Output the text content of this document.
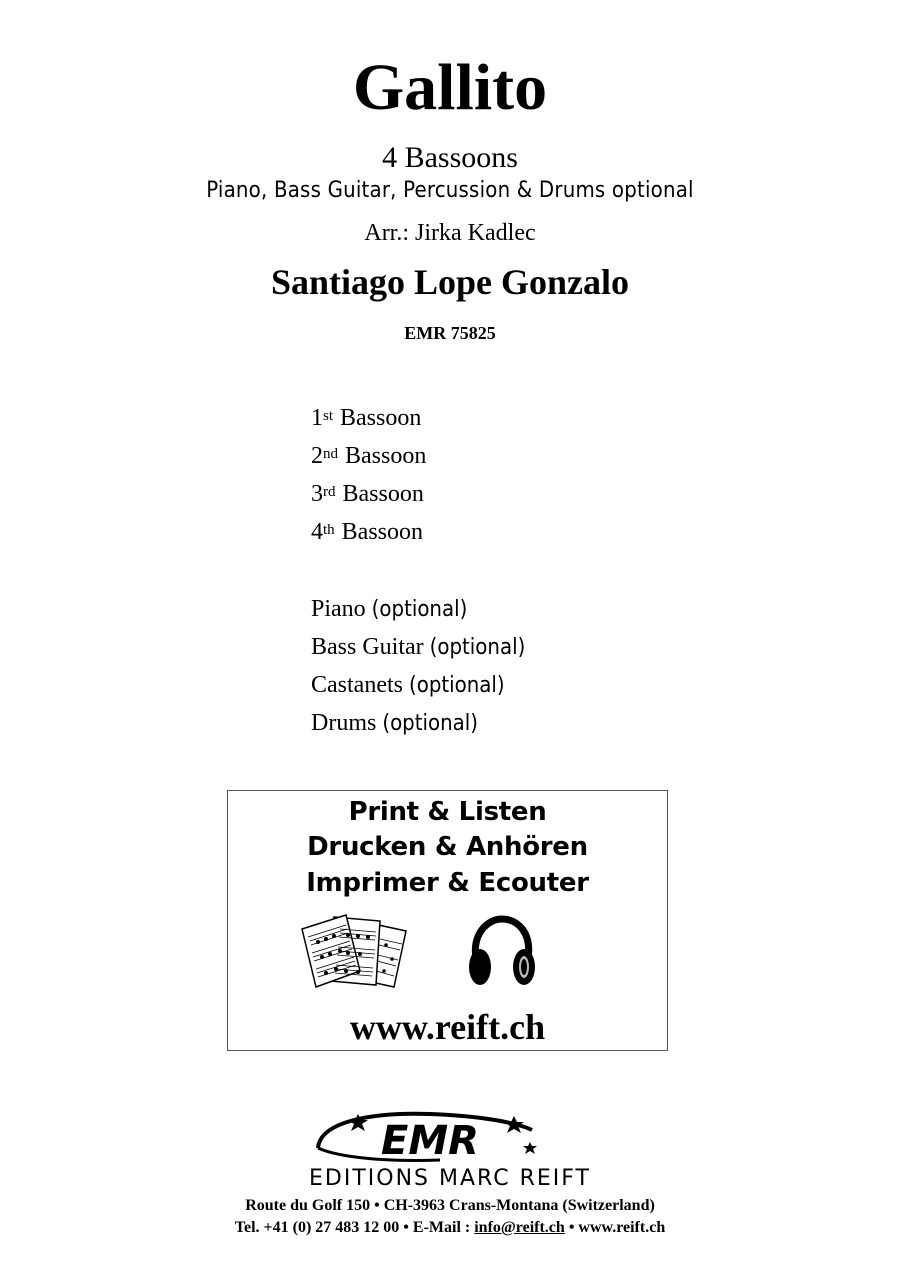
Gallito
4 Bassoons
Piano, Bass Guitar, Percussion & Drums optional
Arr.: Jirka Kadlec
Santiago Lope Gonzalo
EMR 75825
1st Bassoon
2nd Bassoon
3rd Bassoon
4th Bassoon
Piano (optional)
Bass Guitar (optional)
Castanets (optional)
Drums (optional)
Print & Listen
Drucken & Anhören
Imprimer & Ecouter
www.reift.ch
EMR
EDITIONS MARC REIFT
Route du Golf 150 • CH-3963 Crans-Montana (Switzerland)
Tel. +41 (0) 27 483 12 00 • E-Mail : info@reift.ch • www.reift.ch
